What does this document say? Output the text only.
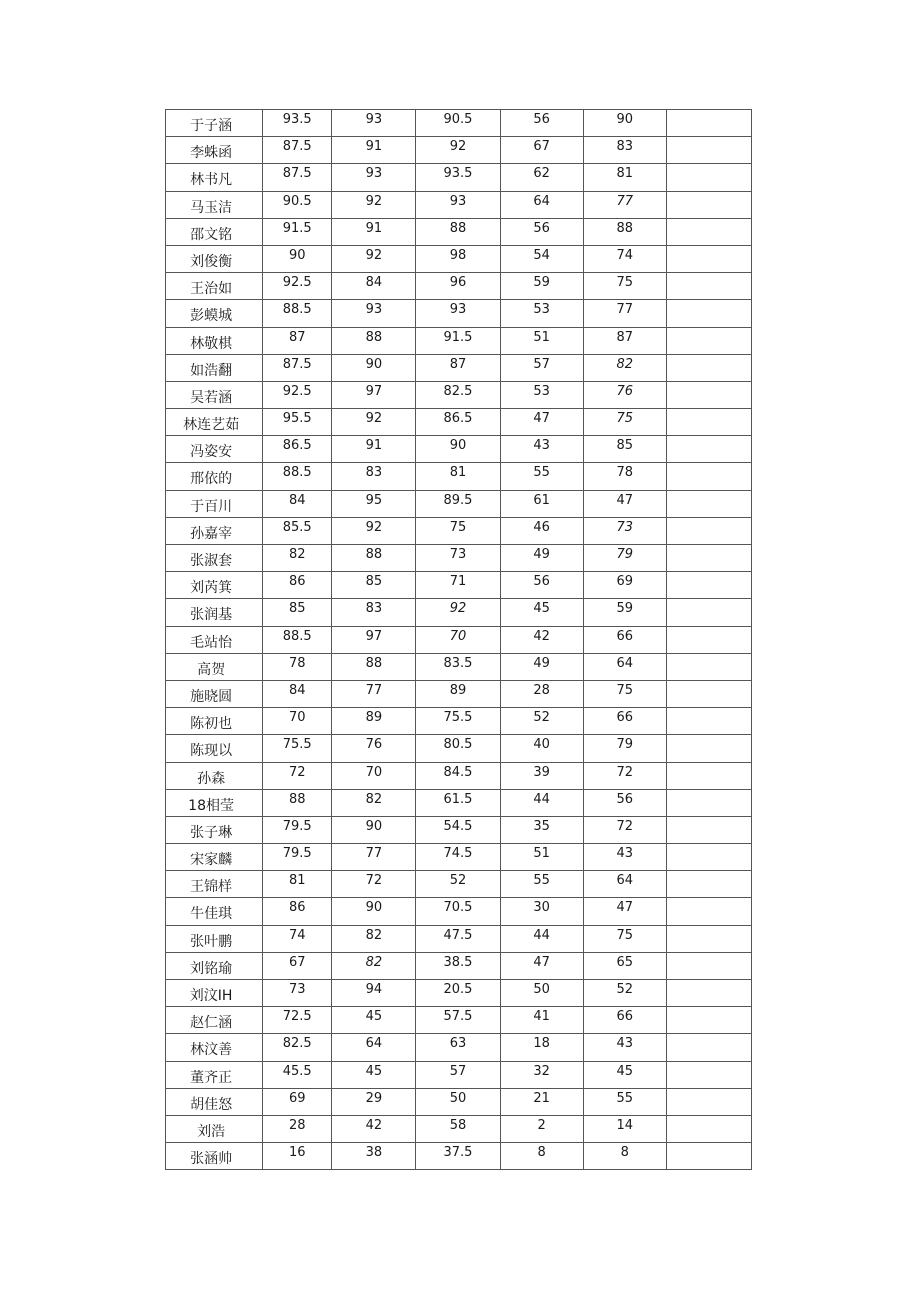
于子涵	93.5	93	90.5	56	90	
李蛛函	87.5	91	92	67	83	
林书凡	87.5	93	93.5	62	81	
马玉洁	90.5	92	93	64	77	
邵文铭	91.5	91	88	56	88	
刘俊衡	90	92	98	54	74	
王治如	92.5	84	96	59	75	
彭蟆城	88.5	93	93	53	77	
林敬棋	87	88	91.5	51	87	
如浩翻	87.5	90	87	57	82	
吴若涵	92.5	97	82.5	53	76	
林连艺茹	95.5	92	86.5	47	75	
冯姿安	86.5	91	90	43	85	
邢依的	88.5	83	81	55	78	
于百川	84	95	89.5	61	47	
孙嘉宰	85.5	92	75	46	73	
张淑套	82	88	73	49	79	
刘芮箕	86	85	71	56	69	
张润基	85	83	92	45	59	
毛站怡	88.5	97	70	42	66	
高贺	78	88	83.5	49	64	
施晓圆	84	77	89	28	75	
陈初也	70	89	75.5	52	66	
陈现以	75.5	76	80.5	40	79	
孙森	72	70	84.5	39	72	
18相莹	88	82	61.5	44	56	
张子琳	79.5	90	54.5	35	72	
宋家麟	79.5	77	74.5	51	43	
王锦样	81	72	52	55	64	
牛佳琪	86	90	70.5	30	47	
张叶鹏	74	82	47.5	44	75	
刘铭瑜	67	82	38.5	47	65	
刘汶IH	73	94	20.5	50	52	
赵仁涵	72.5	45	57.5	41	66	
林汶善	82.5	64	63	18	43	
董齐正	45.5	45	57	32	45	
胡佳怒	69	29	50	21	55	
刘浩	28	42	58	2	14	
张涵帅	16	38	37.5	8	8	
